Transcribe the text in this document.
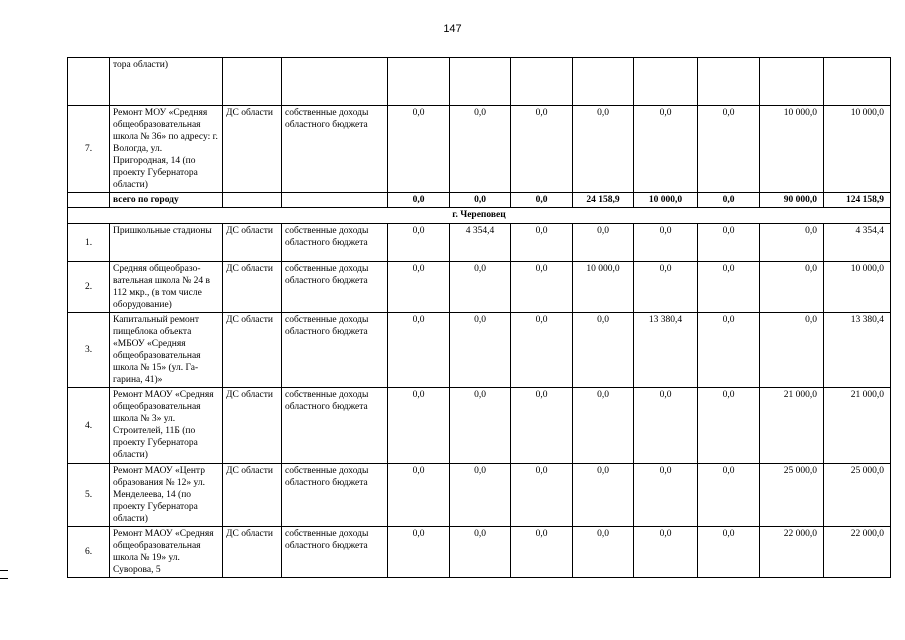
147
	тора области)										
7.	Ремонт МОУ «Средняя общеобразовательная школа № 36» по адресу: г. Вологда, ул. Пригородная, 14 (по проекту Губернатора области)	ДС области	собственные доходы областного бюджета	0,0	0,0	0,0	0,0	0,0	0,0	10 000,0	10 000,0
	всего по городу			0,0	0,0	0,0	24 158,9	10 000,0	0,0	90 000,0	124 158,9
г. Череповец											
1.	Пришкольные стадионы	ДС области	собственные доходы областного бюджета	0,0	4 354,4	0,0	0,0	0,0	0,0	0,0	4 354,4
2.	Средняя общеобразовательная школа № 24 в 112 мкр., (в том числе оборудование)	ДС области	собственные доходы областного бюджета	0,0	0,0	0,0	10 000,0	0,0	0,0	0,0	10 000,0
3.	Капитальный ремонт пищеблока объекта «МБОУ «Средняя общеобразовательная школа № 15» (ул. Гагарина, 41)»	ДС области	собственные доходы областного бюджета	0,0	0,0	0,0	0,0	13 380,4	0,0	0,0	13 380,4
4.	Ремонт МАОУ «Средняя общеобразовательная школа № 3» ул. Строителей, 11Б (по проекту Губернатора области)	ДС области	собственные доходы областного бюджета	0,0	0,0	0,0	0,0	0,0	0,0	21 000,0	21 000,0
5.	Ремонт МАОУ «Центр образования № 12» ул. Менделеева, 14 (по проекту Губернатора области)	ДС области	собственные доходы областного бюджета	0,0	0,0	0,0	0,0	0,0	0,0	25 000,0	25 000,0
6.	Ремонт МАОУ «Средняя общеобразовательная школа № 19» ул. Суворова, 5	ДС области	собственные доходы областного бюджета	0,0	0,0	0,0	0,0	0,0	0,0	22 000,0	22 000,0
